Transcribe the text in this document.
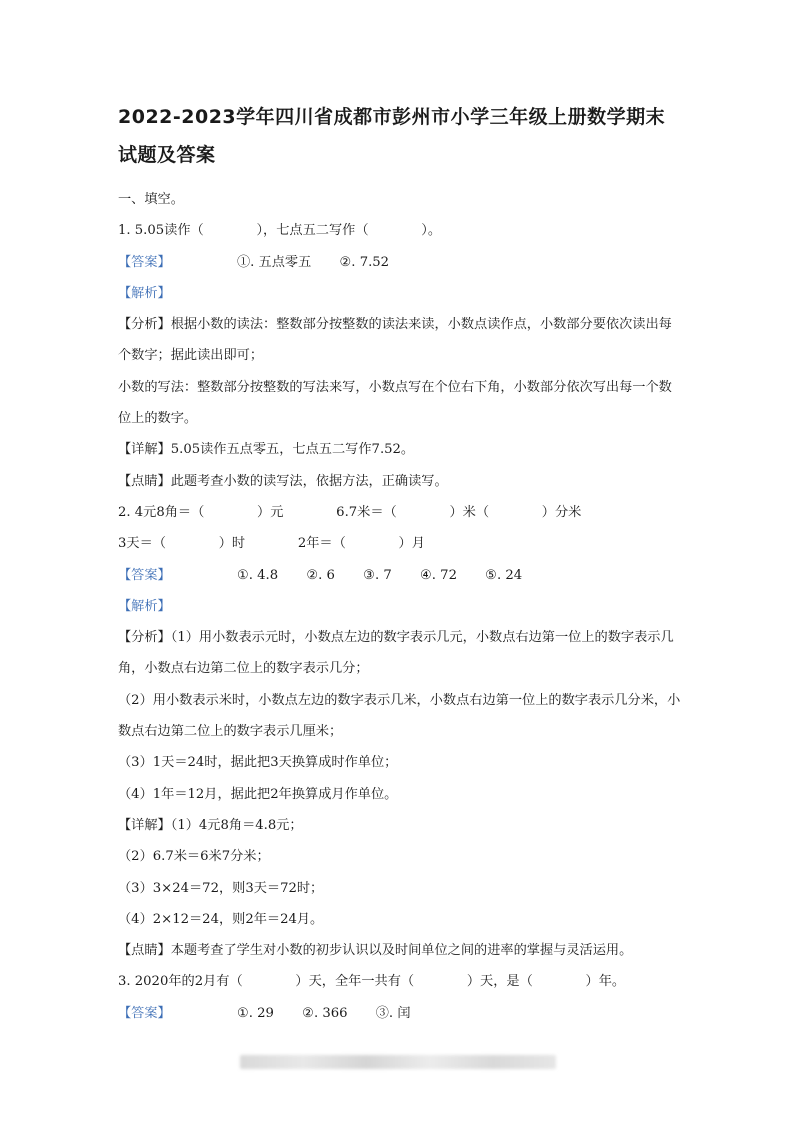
2022-2023学年四川省成都市彭州市小学三年级上册数学期末试题及答案
一、填空。
1. 5.05读作（　　　　），七点五二写作（　　　　）。
【答案】	①. 五点零五 ②. 7.52
【解析】
【分析】根据小数的读法：整数部分按整数的读法来读，小数点读作点，小数部分要依次读出每个数字；据此读出即可；
小数的写法：整数部分按整数的写法来写，小数点写在个位右下角，小数部分依次写出每一个数位上的数字。
【详解】5.05读作五点零五，七点五二写作7.52。
【点睛】此题考查小数的读写法，依据方法，正确读写。
2. 4元8角＝（　　　　）元　　　　6.7米＝（　　　　）米（　　　　）分米
3天＝（　　　　）时　　　　2年＝（　　　　）月
【答案】	①. 4.8 ②. 6 ③. 7 ④. 72 ⑤. 24
【解析】
【分析】（1）用小数表示元时，小数点左边的数字表示几元，小数点右边第一位上的数字表示几角，小数点右边第二位上的数字表示几分；
（2）用小数表示米时，小数点左边的数字表示几米，小数点右边第一位上的数字表示几分米，小数点右边第二位上的数字表示几厘米；
（3）1天＝24时，据此把3天换算成时作单位；
（4）1年＝12月，据此把2年换算成月作单位。
【详解】（1）4元8角＝4.8元；
（2）6.7米＝6米7分米；
（3）3×24＝72，则3天＝72时；
（4）2×12＝24，则2年＝24月。
【点睛】本题考查了学生对小数的初步认识以及时间单位之间的进率的掌握与灵活运用。
3. 2020年的2月有（　　　　）天，全年一共有（　　　　）天，是（　　　　）年。
【答案】	①. 29 ②. 366 ③. 闰
